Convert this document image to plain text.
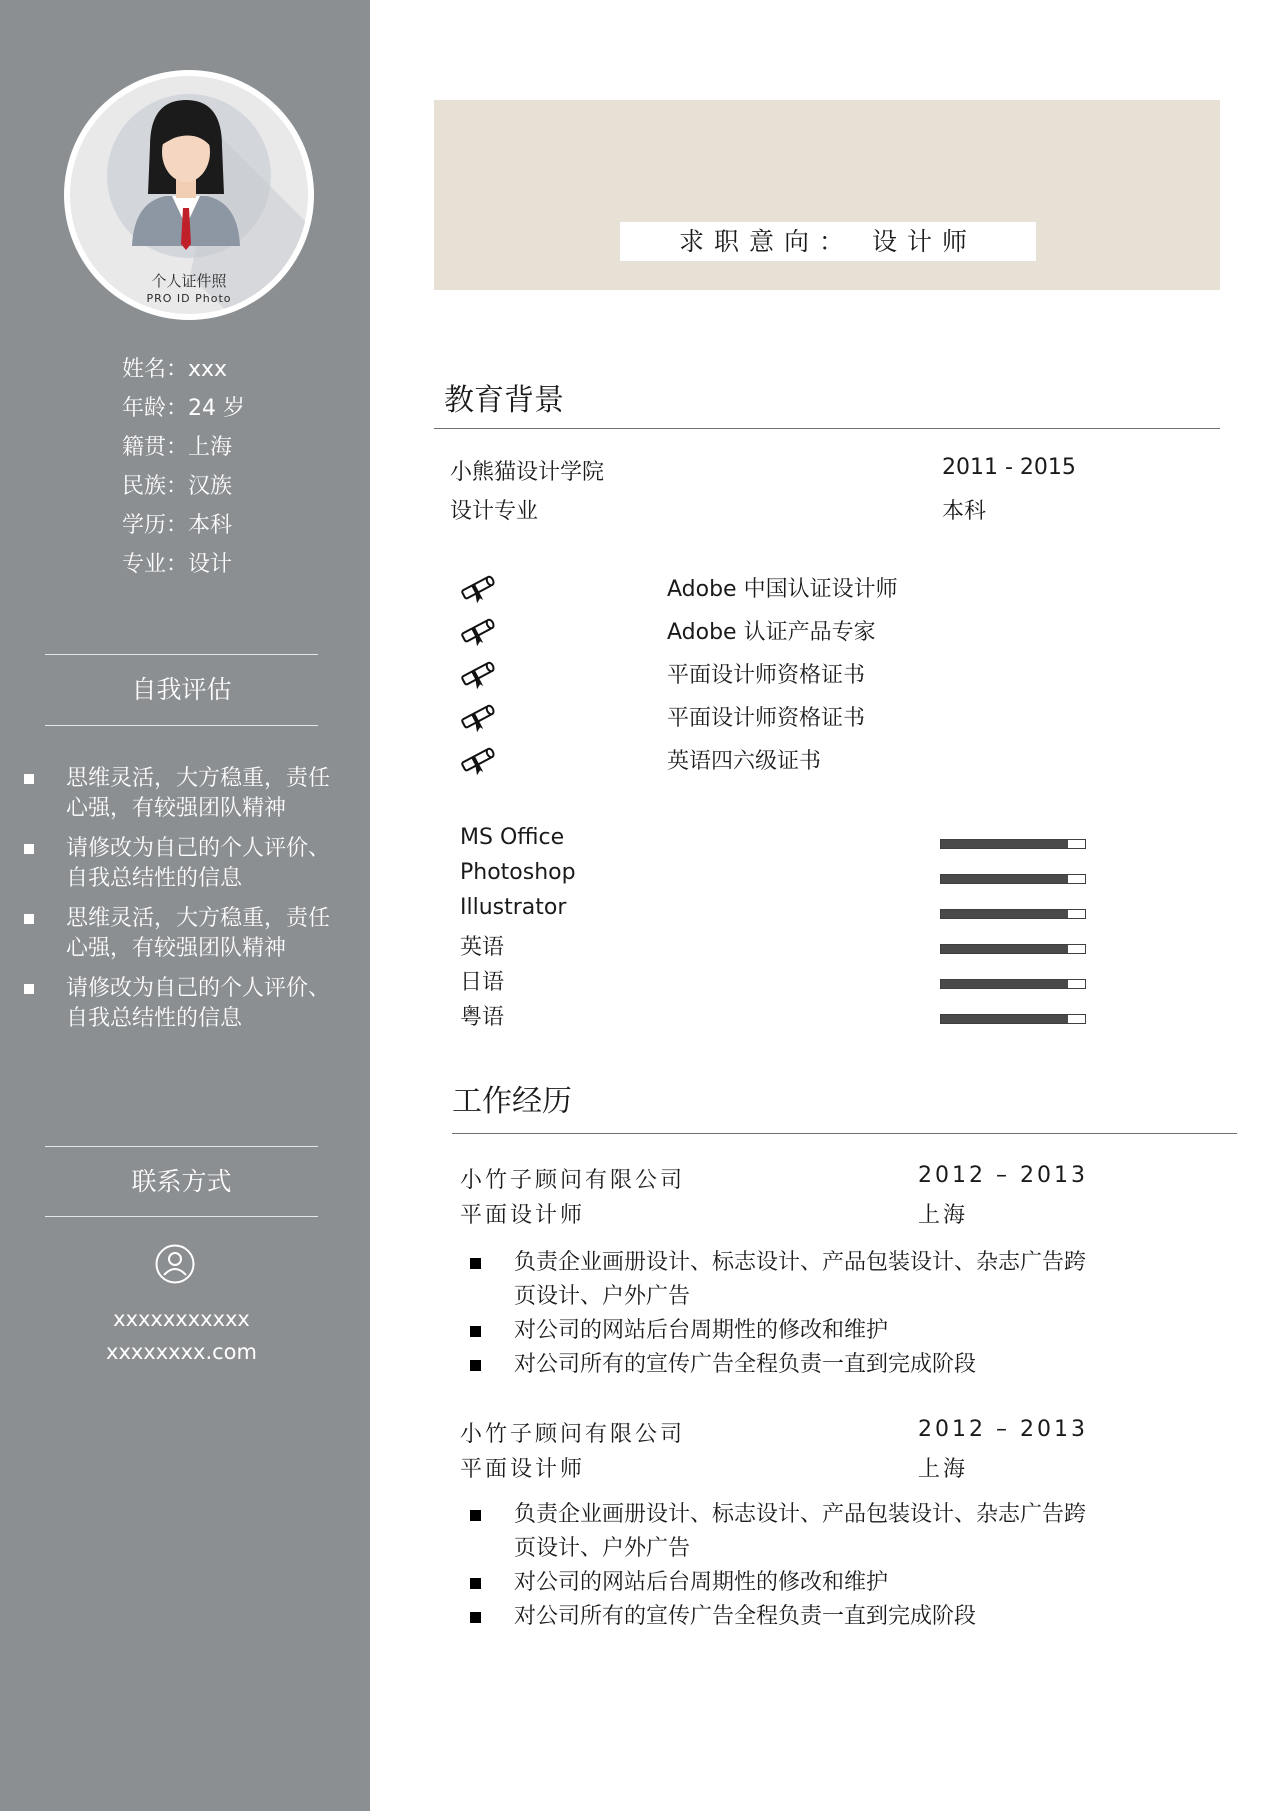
个人证件照
PRO ID Photo
姓名：xxx
年龄：24 岁
籍贯：上海
民族：汉族
学历：本科
专业：设计
自我评估
思维灵活，大方稳重，责任心强，有较强团队精神
请修改为自己的个人评价、自我总结性的信息
思维灵活，大方稳重，责任心强，有较强团队精神
请修改为自己的个人评价、自我总结性的信息
联系方式
xxxxxxxxxxx
xxxxxxxx.com
求职意向： 设计师
教育背景
小熊猫设计学院	2011 - 2015
设计专业	本科
Adobe 中国认证设计师
Adobe 认证产品专家
平面设计师资格证书
平面设计师资格证书
英语四六级证书
MS Office
Photoshop
Illustrator
英语
日语
粤语
工作经历
小竹子顾问有限公司	2012 – 2013
平面设计师	上海
负责企业画册设计、标志设计、产品包装设计、杂志广告跨页设计、户外广告
对公司的网站后台周期性的修改和维护
对公司所有的宣传广告全程负责一直到完成阶段
小竹子顾问有限公司	2012 – 2013
平面设计师	上海
负责企业画册设计、标志设计、产品包装设计、杂志广告跨页设计、户外广告
对公司的网站后台周期性的修改和维护
对公司所有的宣传广告全程负责一直到完成阶段
